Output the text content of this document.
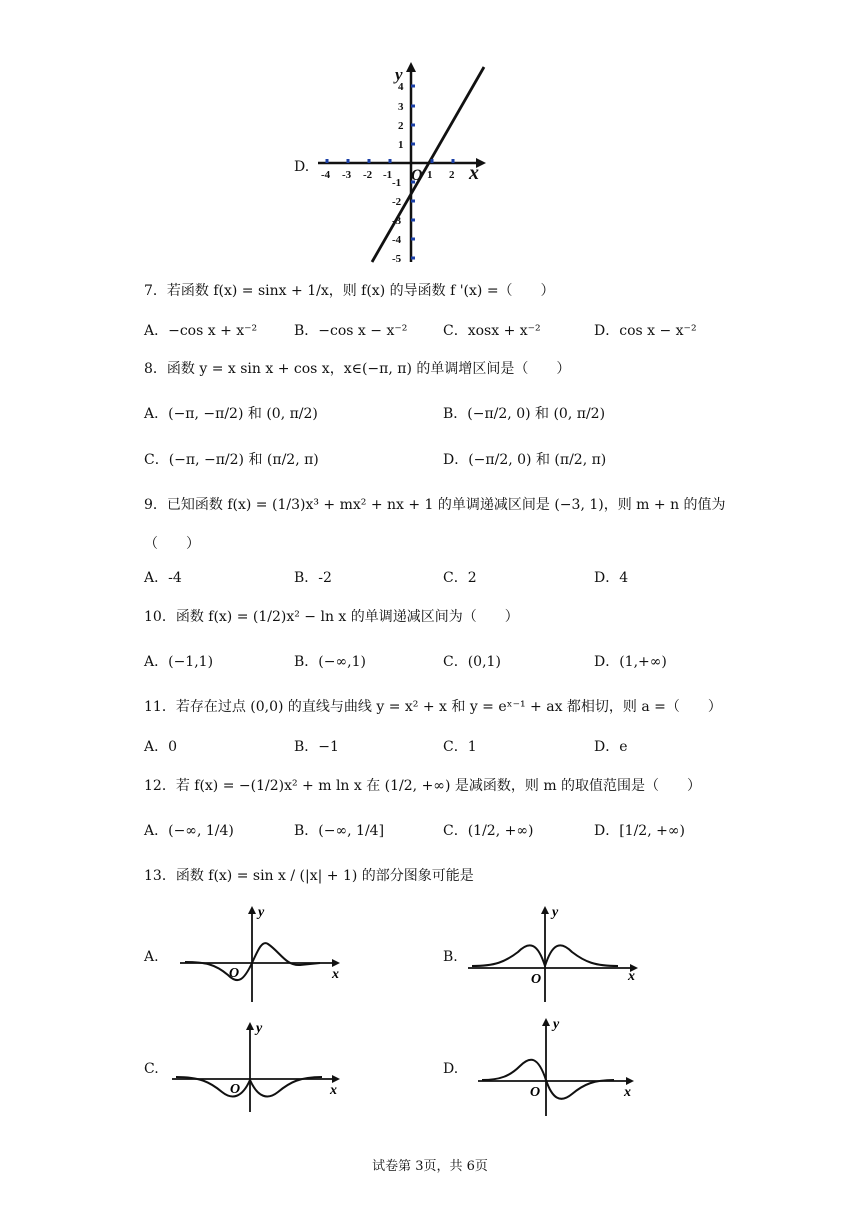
D. -4 -3 -2 -1	1 2
4
3
2
1
-1
-2
-3
-4
-5
y
x
O
7．若函数 f(x) = sinx + 1/x，则 f(x) 的导函数 f '(x) =（　　）
A．−cos x + x⁻²	B．−cos x − x⁻²	C．xosx + x⁻²	D．cos x − x⁻²
8．函数 y = x sin x + cos x，x∈(−π, π) 的单调增区间是（　　）
A．(−π, −π/2) 和 (0, π/2)	B．(−π/2, 0) 和 (0, π/2)
C．(−π, −π/2) 和 (π/2, π)	D．(−π/2, 0) 和 (π/2, π)
9．已知函数 f(x) = (1/3)x³ + mx² + nx + 1 的单调递减区间是 (−3, 1)，则 m + n 的值为
（　　）
A．-4	B．-2	C．2	D．4
10．函数 f(x) = (1/2)x² − ln x 的单调递减区间为（　　）
A．(−1,1)	B．(−∞,1)	C．(0,1)	D．(1,+∞)
11．若存在过点 (0,0) 的直线与曲线 y = x² + x 和 y = eˣ⁻¹ + ax 都相切，则 a =（　　）
A．0	B．−1	C．1	D．e
12．若 f(x) = −(1/2)x² + m ln x 在 (1/2, +∞) 是减函数，则 m 的取值范围是（　　）
A．(−∞, 1/4)	B．(−∞, 1/4]	C．(1/2, +∞)	D．[1/2, +∞)
13．函数 f(x) = sin x / (|x| + 1) 的部分图象可能是
A.	B.
C.	D.
O	x
y
O	x
y
O	x
y
O	x
y
试卷第 3页，共 6页
